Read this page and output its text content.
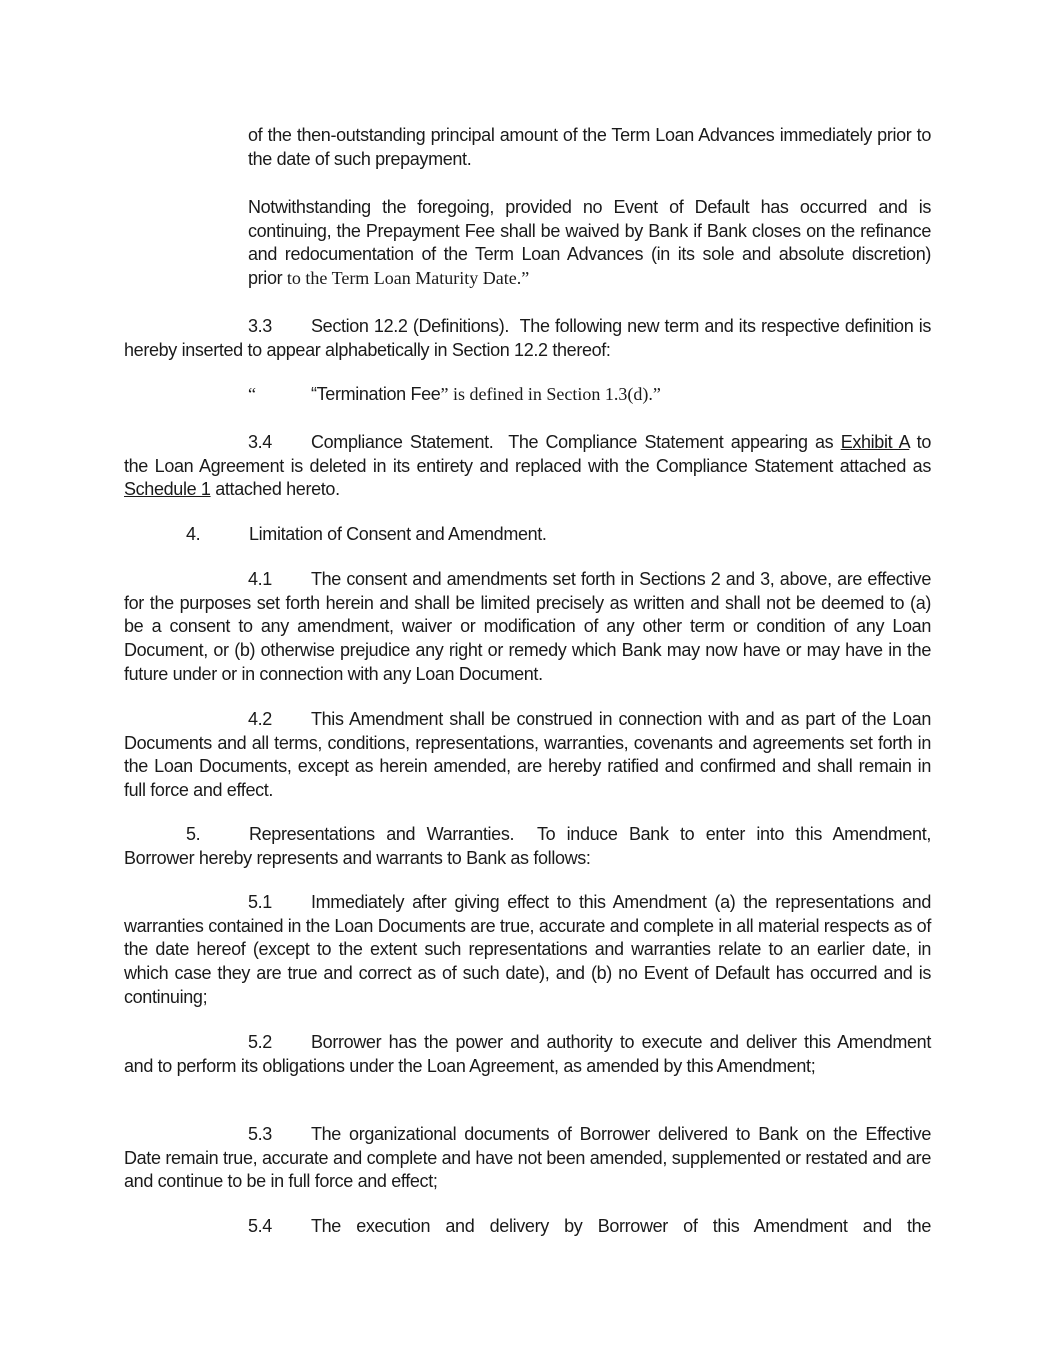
of the then-outstanding principal amount of the Term Loan Advances immediately prior to the date of such prepayment.
Notwithstanding the foregoing, provided no Event of Default has occurred and is continuing, the Prepayment Fee shall be waived by Bank if Bank closes on the refinance and redocumentation of the Term Loan Advances (in its sole and absolute discretion) prior to the Term Loan Maturity Date.”
3.3 Section 12.2 (Definitions). The following new term and its respective definition is hereby inserted to appear alphabetically in Section 12.2 thereof:
“	“Termination Fee” is defined in Section 1.3(d).”
3.4 Compliance Statement. The Compliance Statement appearing as Exhibit A to the Loan Agreement is deleted in its entirety and replaced with the Compliance Statement attached as Schedule 1 attached hereto.
4.	Limitation of Consent and Amendment.
4.1 The consent and amendments set forth in Sections 2 and 3, above, are effective for the purposes set forth herein and shall be limited precisely as written and shall not be deemed to (a) be a consent to any amendment, waiver or modification of any other term or condition of any Loan Document, or (b) otherwise prejudice any right or remedy which Bank may now have or may have in the future under or in connection with any Loan Document.
4.2 This Amendment shall be construed in connection with and as part of the Loan Documents and all terms, conditions, representations, warranties, covenants and agreements set forth in the Loan Documents, except as herein amended, are hereby ratified and confirmed and shall remain in full force and effect.
5.	Representations and Warranties. To induce Bank to enter into this Amendment, Borrower hereby represents and warrants to Bank as follows:
5.1 Immediately after giving effect to this Amendment (a) the representations and warranties contained in the Loan Documents are true, accurate and complete in all material respects as of the date hereof (except to the extent such representations and warranties relate to an earlier date, in which case they are true and correct as of such date), and (b) no Event of Default has occurred and is continuing;
5.2 Borrower has the power and authority to execute and deliver this Amendment and to perform its obligations under the Loan Agreement, as amended by this Amendment;
5.3 The organizational documents of Borrower delivered to Bank on the Effective Date remain true, accurate and complete and have not been amended, supplemented or restated and are and continue to be in full force and effect;
5.4 The execution and delivery by Borrower of this Amendment and the
